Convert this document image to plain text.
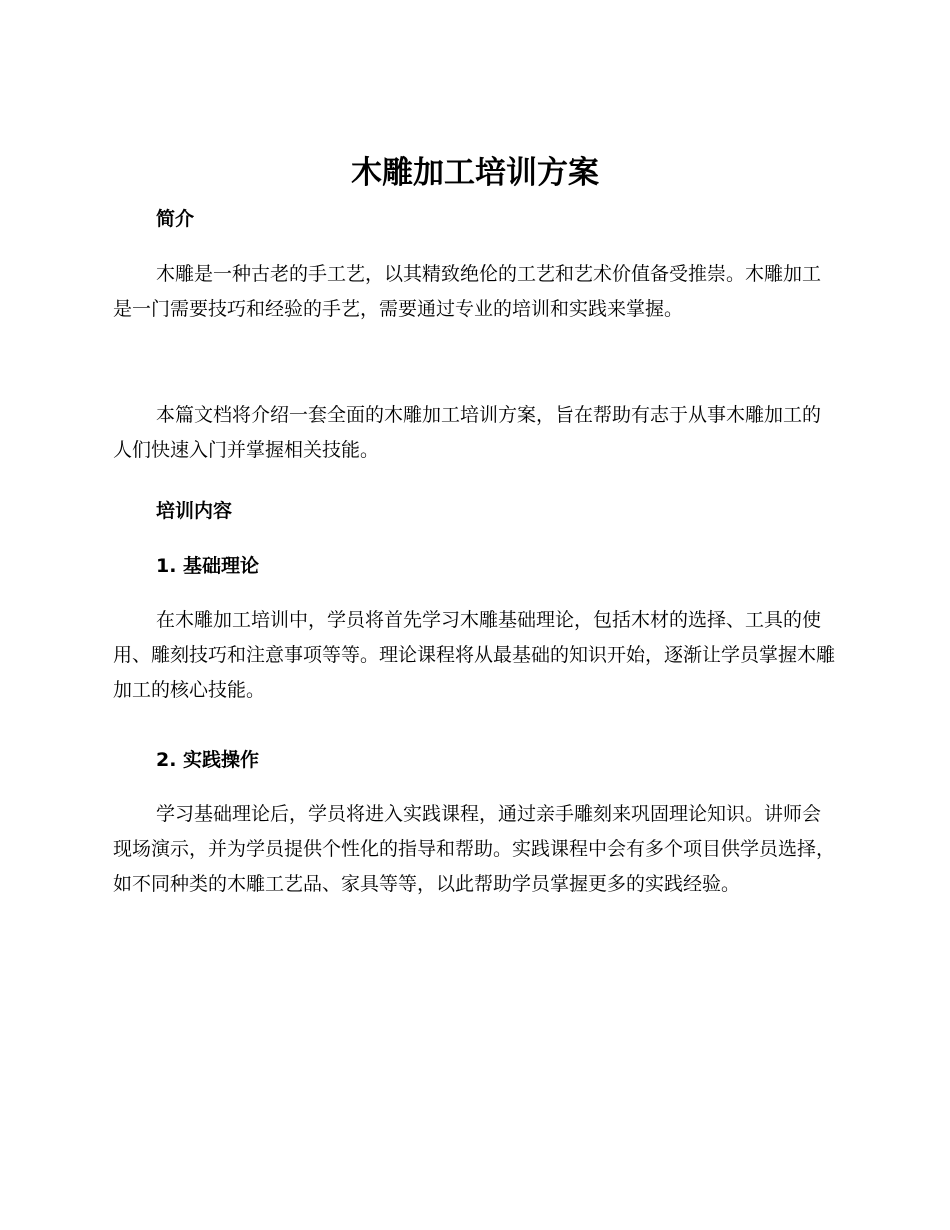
木雕加工培训方案
简介

木雕是一种古老的手工艺，以其精致绝伦的工艺和艺术价值备受推崇。木雕加工是一门需要技巧和经验的手艺，需要通过专业的培训和实践来掌握。

本篇文档将介绍一套全面的木雕加工培训方案，旨在帮助有志于从事木雕加工的人们快速入门并掌握相关技能。

培训内容
1. 基础理论

在木雕加工培训中，学员将首先学习木雕基础理论，包括木材的选择、工具的使用、雕刻技巧和注意事项等等。理论课程将从最基础的知识开始，逐渐让学员掌握木雕加工的核心技能。

2. 实践操作

学习基础理论后，学员将进入实践课程，通过亲手雕刻来巩固理论知识。讲师会现场演示，并为学员提供个性化的指导和帮助。实践课程中会有多个项目供学员选择，如不同种类的木雕工艺品、家具等等，以此帮助学员掌握更多的实践经验。
